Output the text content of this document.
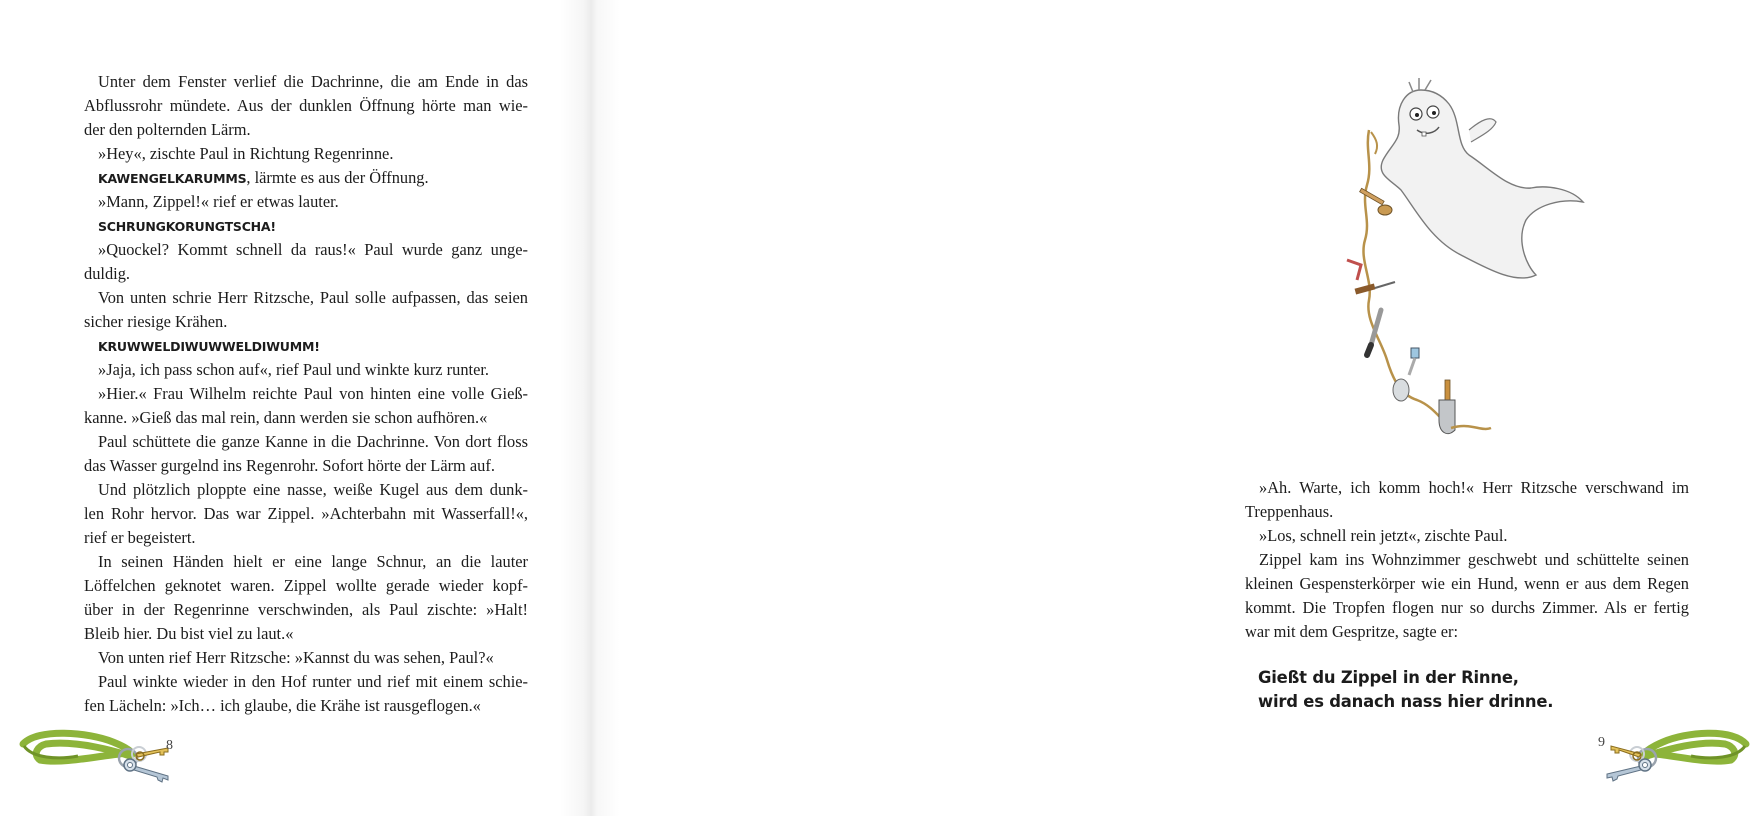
Unter dem Fenster verlief die Dachrinne, die am Ende in das
Abflussrohr mündete. Aus der dunklen Öffnung hörte man wie-
der den polternden Lärm.
»Hey«, zischte Paul in Richtung Regenrinne.
KAWENGELKARUMMS, lärmte es aus der Öffnung.
»Mann, Zippel!« rief er etwas lauter.
SCHRUNGKORUNGTSCHA!
»Quockel? Kommt schnell da raus!« Paul wurde ganz unge-
duldig.
Von unten schrie Herr Ritzsche, Paul solle aufpassen, das seien
sicher riesige Krähen.
KRUWWELDIWUWWELDIWUMM!
»Jaja, ich pass schon auf«, rief Paul und winkte kurz runter.
»Hier.« Frau Wilhelm reichte Paul von hinten eine volle Gieß-
kanne. »Gieß das mal rein, dann werden sie schon aufhören.«
Paul schüttete die ganze Kanne in die Dachrinne. Von dort floss
das Wasser gurgelnd ins Regenrohr. Sofort hörte der Lärm auf.
Und plötzlich ploppte eine nasse, weiße Kugel aus dem dunk-
len Rohr hervor. Das war Zippel. »Achterbahn mit Wasserfall!«,
rief er begeistert.
In seinen Händen hielt er eine lange Schnur, an die lauter
Löffelchen geknotet waren. Zippel wollte gerade wieder kopf-
über in der Regenrinne verschwinden, als Paul zischte: »Halt!
Bleib hier. Du bist viel zu laut.«
Von unten rief Herr Ritzsche: »Kannst du was sehen, Paul?«
Paul winkte wieder in den Hof runter und rief mit einem schie-
fen Lächeln: »Ich… ich glaube, die Krähe ist rausgeflogen.«
8
»Ah. Warte, ich komm hoch!« Herr Ritzsche verschwand im
Treppenhaus.
»Los, schnell rein jetzt«, zischte Paul.
Zippel kam ins Wohnzimmer geschwebt und schüttelte seinen
kleinen Gespensterkörper wie ein Hund, wenn er aus dem Regen
kommt. Die Tropfen flogen nur so durchs Zimmer. Als er fertig
war mit dem Gespritze, sagte er:
Gießt du Zippel in der Rinne,
wird es danach nass hier drinne.
9
